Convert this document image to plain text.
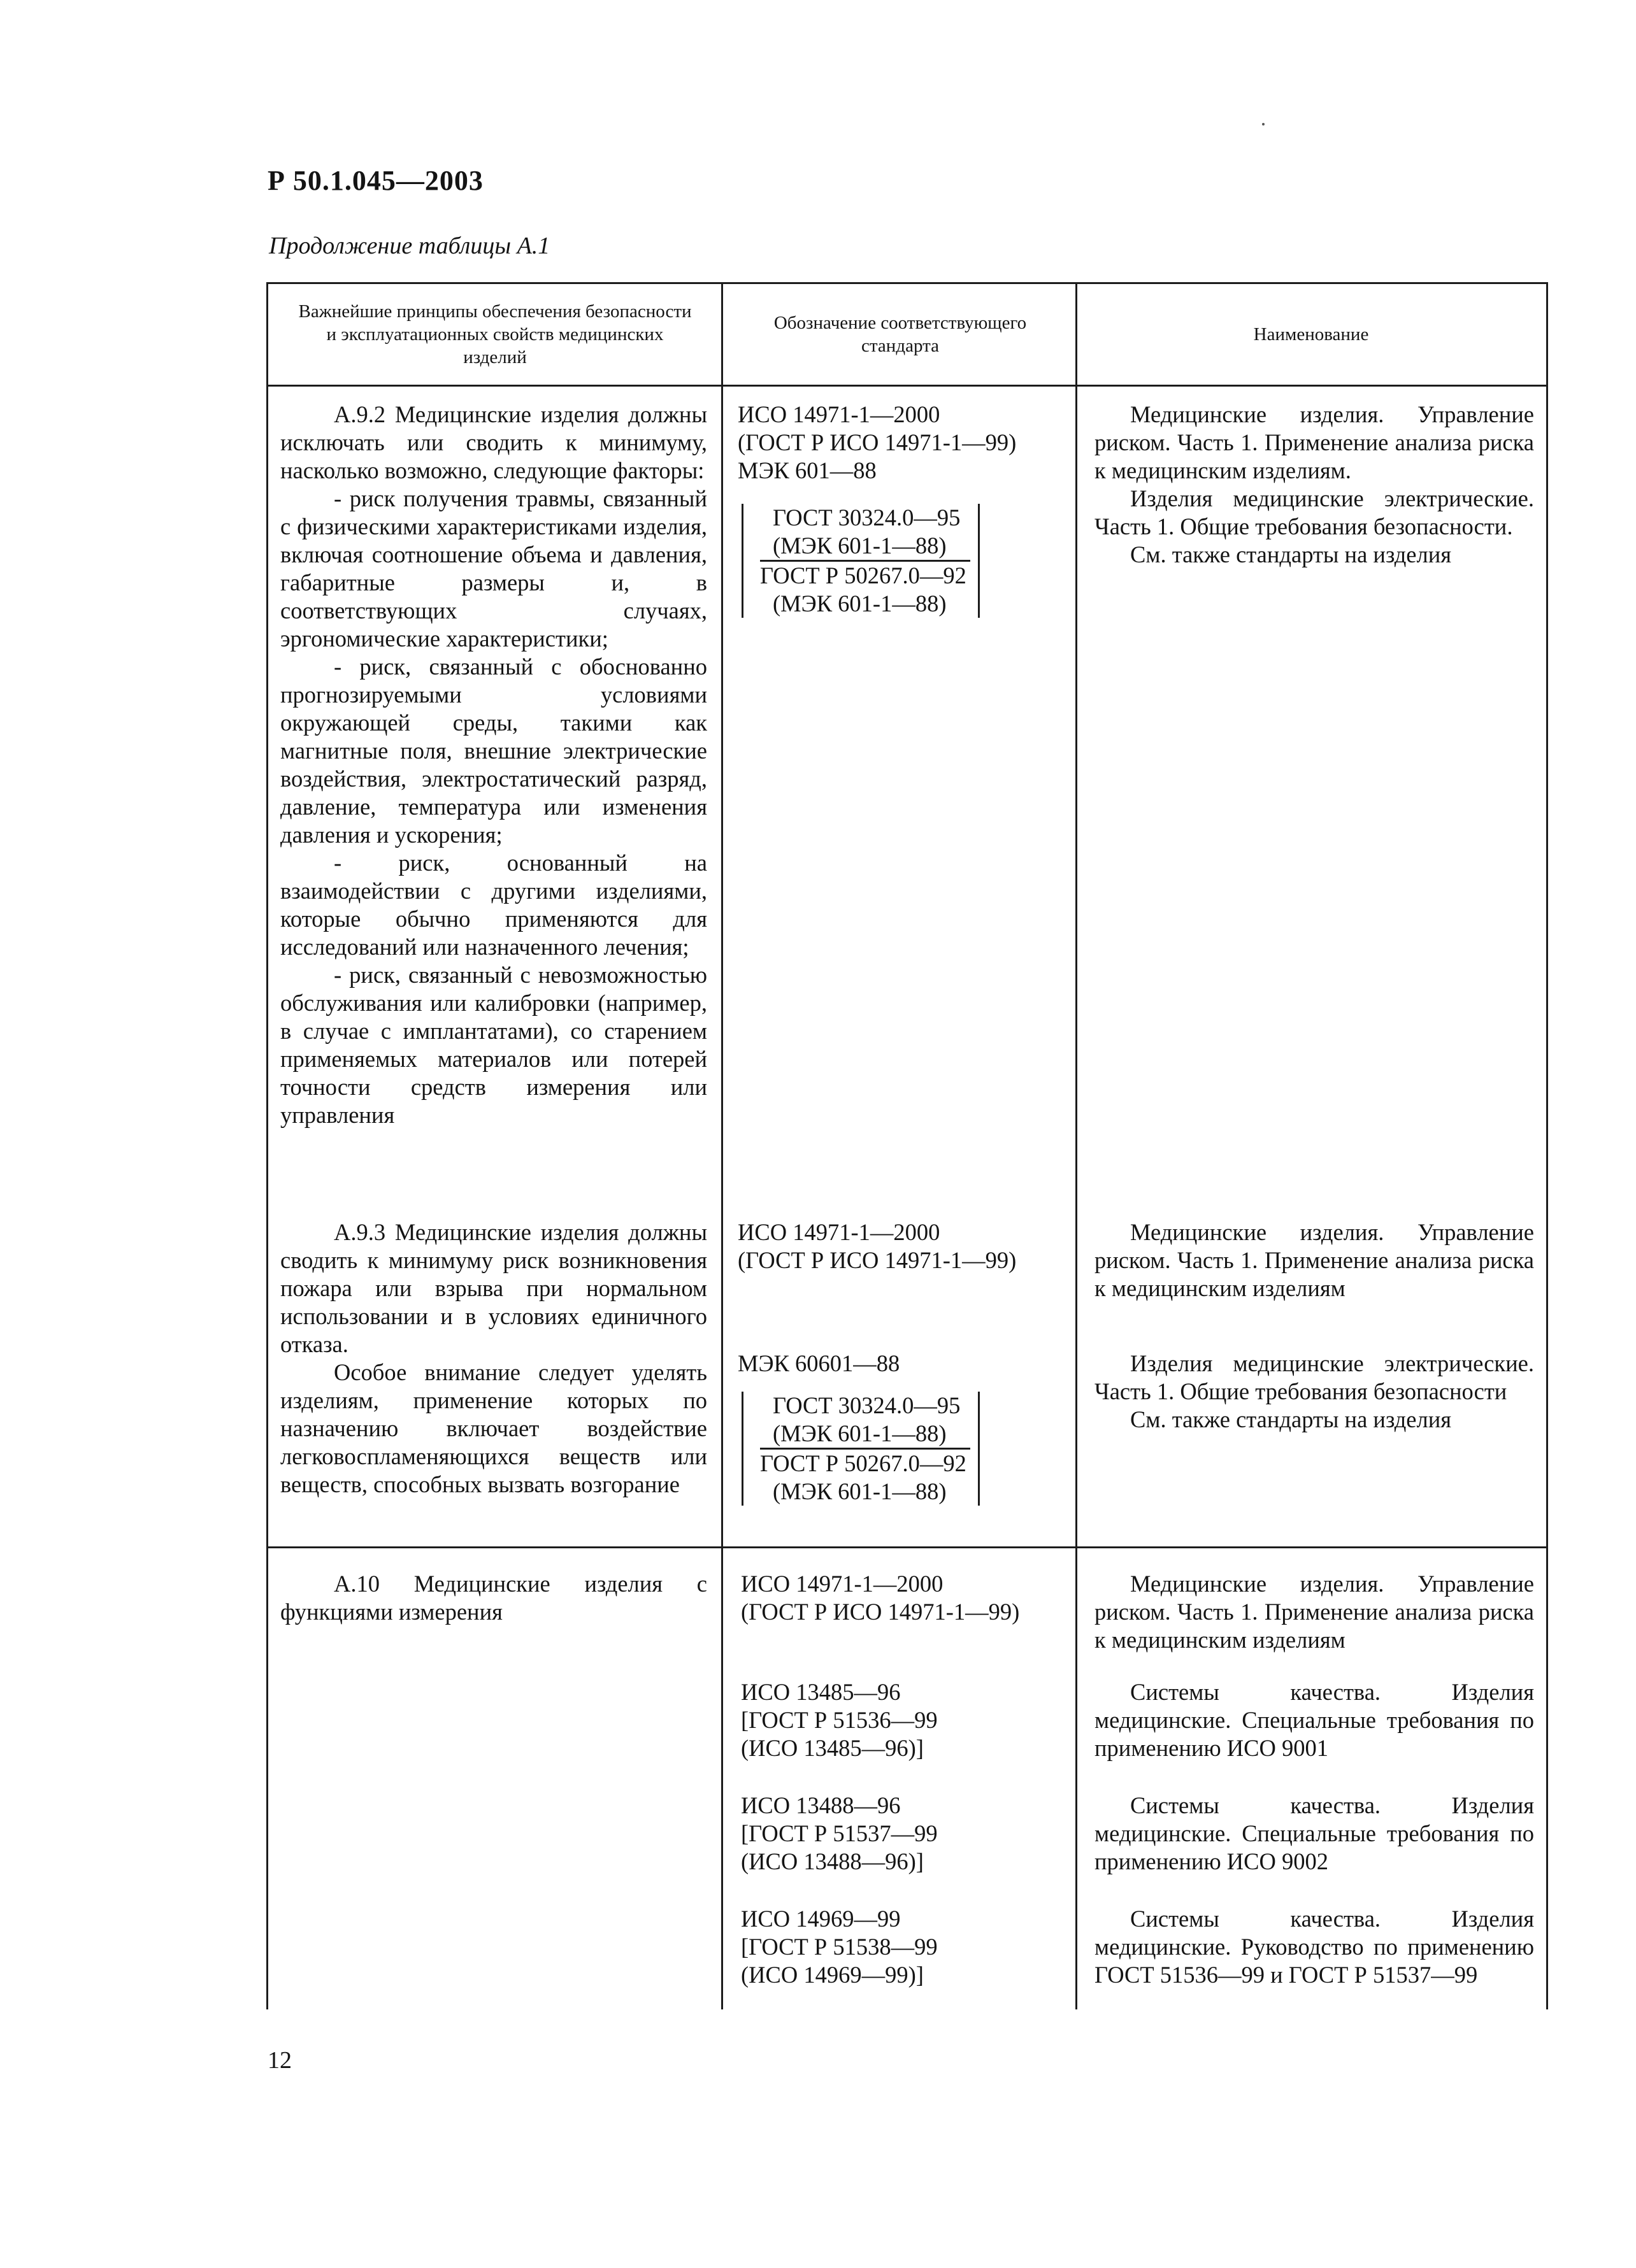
Р 50.1.045—2003
Продолжение таблицы А.1
Важнейшие принципы обеспечения безопасности и эксплуатационных свойств медицинских изделий
Обозначение соответствующего стандарта
Наименование

А.9.2 Медицинские изделия должны исключать или сводить к минимуму, насколько возможно, следующие факторы:

- риск получения травмы, связанный с физическими характеристиками изделия, включая соотношение объема и давления, габаритные размеры и, в соответствующих случаях, эргономические характеристики;

- риск, связанный с обоснованно прогнозируемыми условиями окружающей среды, такими как магнитные поля, внешние электрические воздействия, электростатический разряд, давление, температура или изменения давления и ускорения;

- риск, основанный на взаимодействии с другими изделиями, которые обычно применяются для исследований или назначенного лечения;

- риск, связанный с невозможностью обслуживания или калибровки (например, в случае с имплантатами), со старением применяемых материалов или потерей точности средств измерения или управления

ИСО 14971-1—2000
(ГОСТ Р ИСО 14971-1—99)
МЭК 601—88
ГОСТ 30324.0—95
(МЭК 601-1—88)
ГОСТ Р 50267.0—92
(МЭК 601-1—88)

Медицинские изделия. Управление риском. Часть 1. Применение анализа риска к медицинским изделиям.

Изделия медицинские электрические. Часть 1. Общие требования безопасности.

См. также стандарты на изделия

А.9.3 Медицинские изделия должны сводить к минимуму риск возникновения пожара или взрыва при нормальном использовании и в условиях единичного отказа.

Особое внимание следует уделять изделиям, применение которых по назначению включает воздействие легковоспламеняющихся веществ или веществ, способных вызвать возгорание

ИСО 14971-1—2000
(ГОСТ Р ИСО 14971-1—99)
МЭК 60601—88
ГОСТ 30324.0—95
(МЭК 601-1—88)
ГОСТ Р 50267.0—92
(МЭК 601-1—88)

Медицинские изделия. Управление риском. Часть 1. Применение анализа риска к медицинским изделиям

Изделия медицинские электрические. Часть 1. Общие требования безопасности

См. также стандарты на изделия

А.10 Медицинские изделия с функциями измерения

ИСО 14971-1—2000
(ГОСТ Р ИСО 14971-1—99)
ИСО 13485—96
[ГОСТ Р 51536—99
(ИСО 13485—96)]
ИСО 13488—96
[ГОСТ Р 51537—99
(ИСО 13488—96)]
ИСО 14969—99
[ГОСТ Р 51538—99
(ИСО 14969—99)]

Медицинские изделия. Управление риском. Часть 1. Применение анализа риска к медицинским изделиям

Системы качества. Изделия медицинские. Специальные требования по применению ИСО 9001

Системы качества. Изделия медицинские. Специальные требования по применению ИСО 9002

Системы качества. Изделия медицинские. Руководство по применению ГОСТ 51536—99 и ГОСТ Р 51537—99

12
